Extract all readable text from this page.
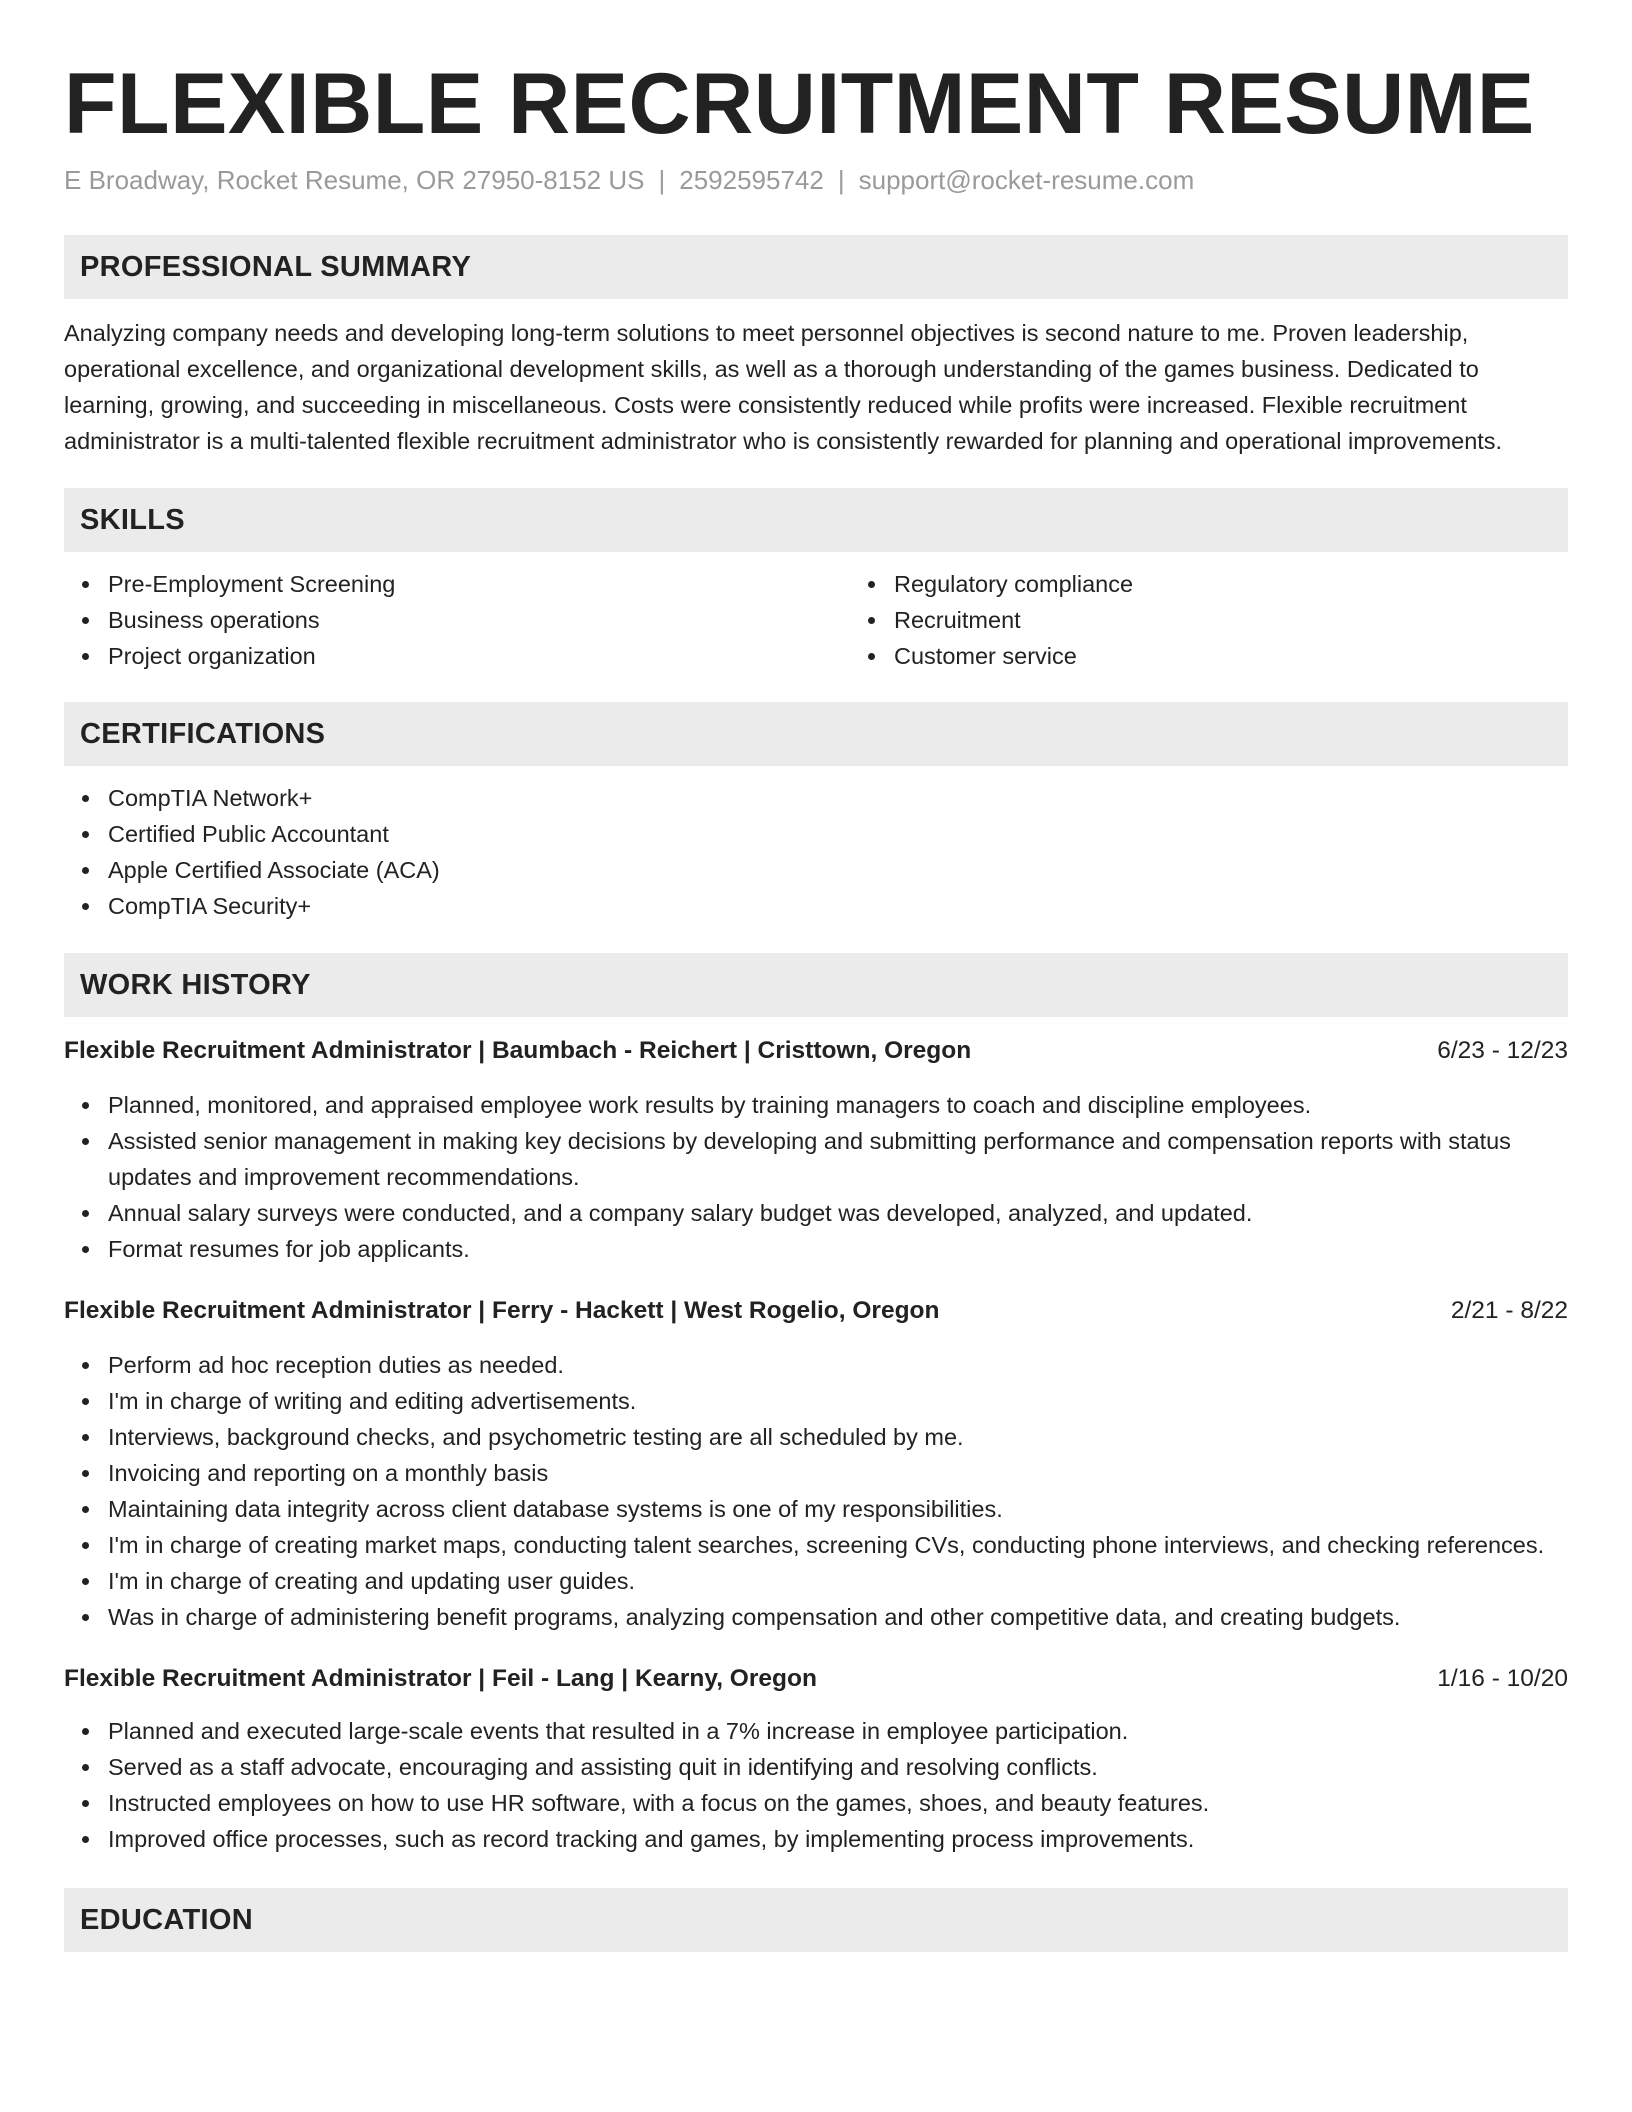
FLEXIBLE RECRUITMENT RESUME
E Broadway, Rocket Resume, OR 27950-8152 US | 2592595742 | support@rocket-resume.com
PROFESSIONAL SUMMARY

Analyzing company needs and developing long-term solutions to meet personnel objectives is second nature to me. Proven leadership, operational excellence, and organizational development skills, as well as a thorough understanding of the games business. Dedicated to learning, growing, and succeeding in miscellaneous. Costs were consistently reduced while profits were increased. Flexible recruitment administrator is a multi-talented flexible recruitment administrator who is consistently rewarded for planning and operational improvements.

SKILLS
Pre-Employment Screening
Business operations
Project organization
Regulatory compliance
Recruitment
Customer service
CERTIFICATIONS
CompTIA Network+
Certified Public Accountant
Apple Certified Associate (ACA)
CompTIA Security+
WORK HISTORY
Flexible Recruitment Administrator | Baumbach - Reichert | Cristtown, Oregon	6/23 - 12/23
Planned, monitored, and appraised employee work results by training managers to coach and discipline employees.
Assisted senior management in making key decisions by developing and submitting performance and compensation reports with status updates and improvement recommendations.
Annual salary surveys were conducted, and a company salary budget was developed, analyzed, and updated.
Format resumes for job applicants.
Flexible Recruitment Administrator | Ferry - Hackett | West Rogelio, Oregon	2/21 - 8/22
Perform ad hoc reception duties as needed.
I'm in charge of writing and editing advertisements.
Interviews, background checks, and psychometric testing are all scheduled by me.
Invoicing and reporting on a monthly basis
Maintaining data integrity across client database systems is one of my responsibilities.
I'm in charge of creating market maps, conducting talent searches, screening CVs, conducting phone interviews, and checking references.
I'm in charge of creating and updating user guides.
Was in charge of administering benefit programs, analyzing compensation and other competitive data, and creating budgets.
Flexible Recruitment Administrator | Feil - Lang | Kearny, Oregon	1/16 - 10/20
Planned and executed large-scale events that resulted in a 7% increase in employee participation.
Served as a staff advocate, encouraging and assisting quit in identifying and resolving conflicts.
Instructed employees on how to use HR software, with a focus on the games, shoes, and beauty features.
Improved office processes, such as record tracking and games, by implementing process improvements.
EDUCATION
